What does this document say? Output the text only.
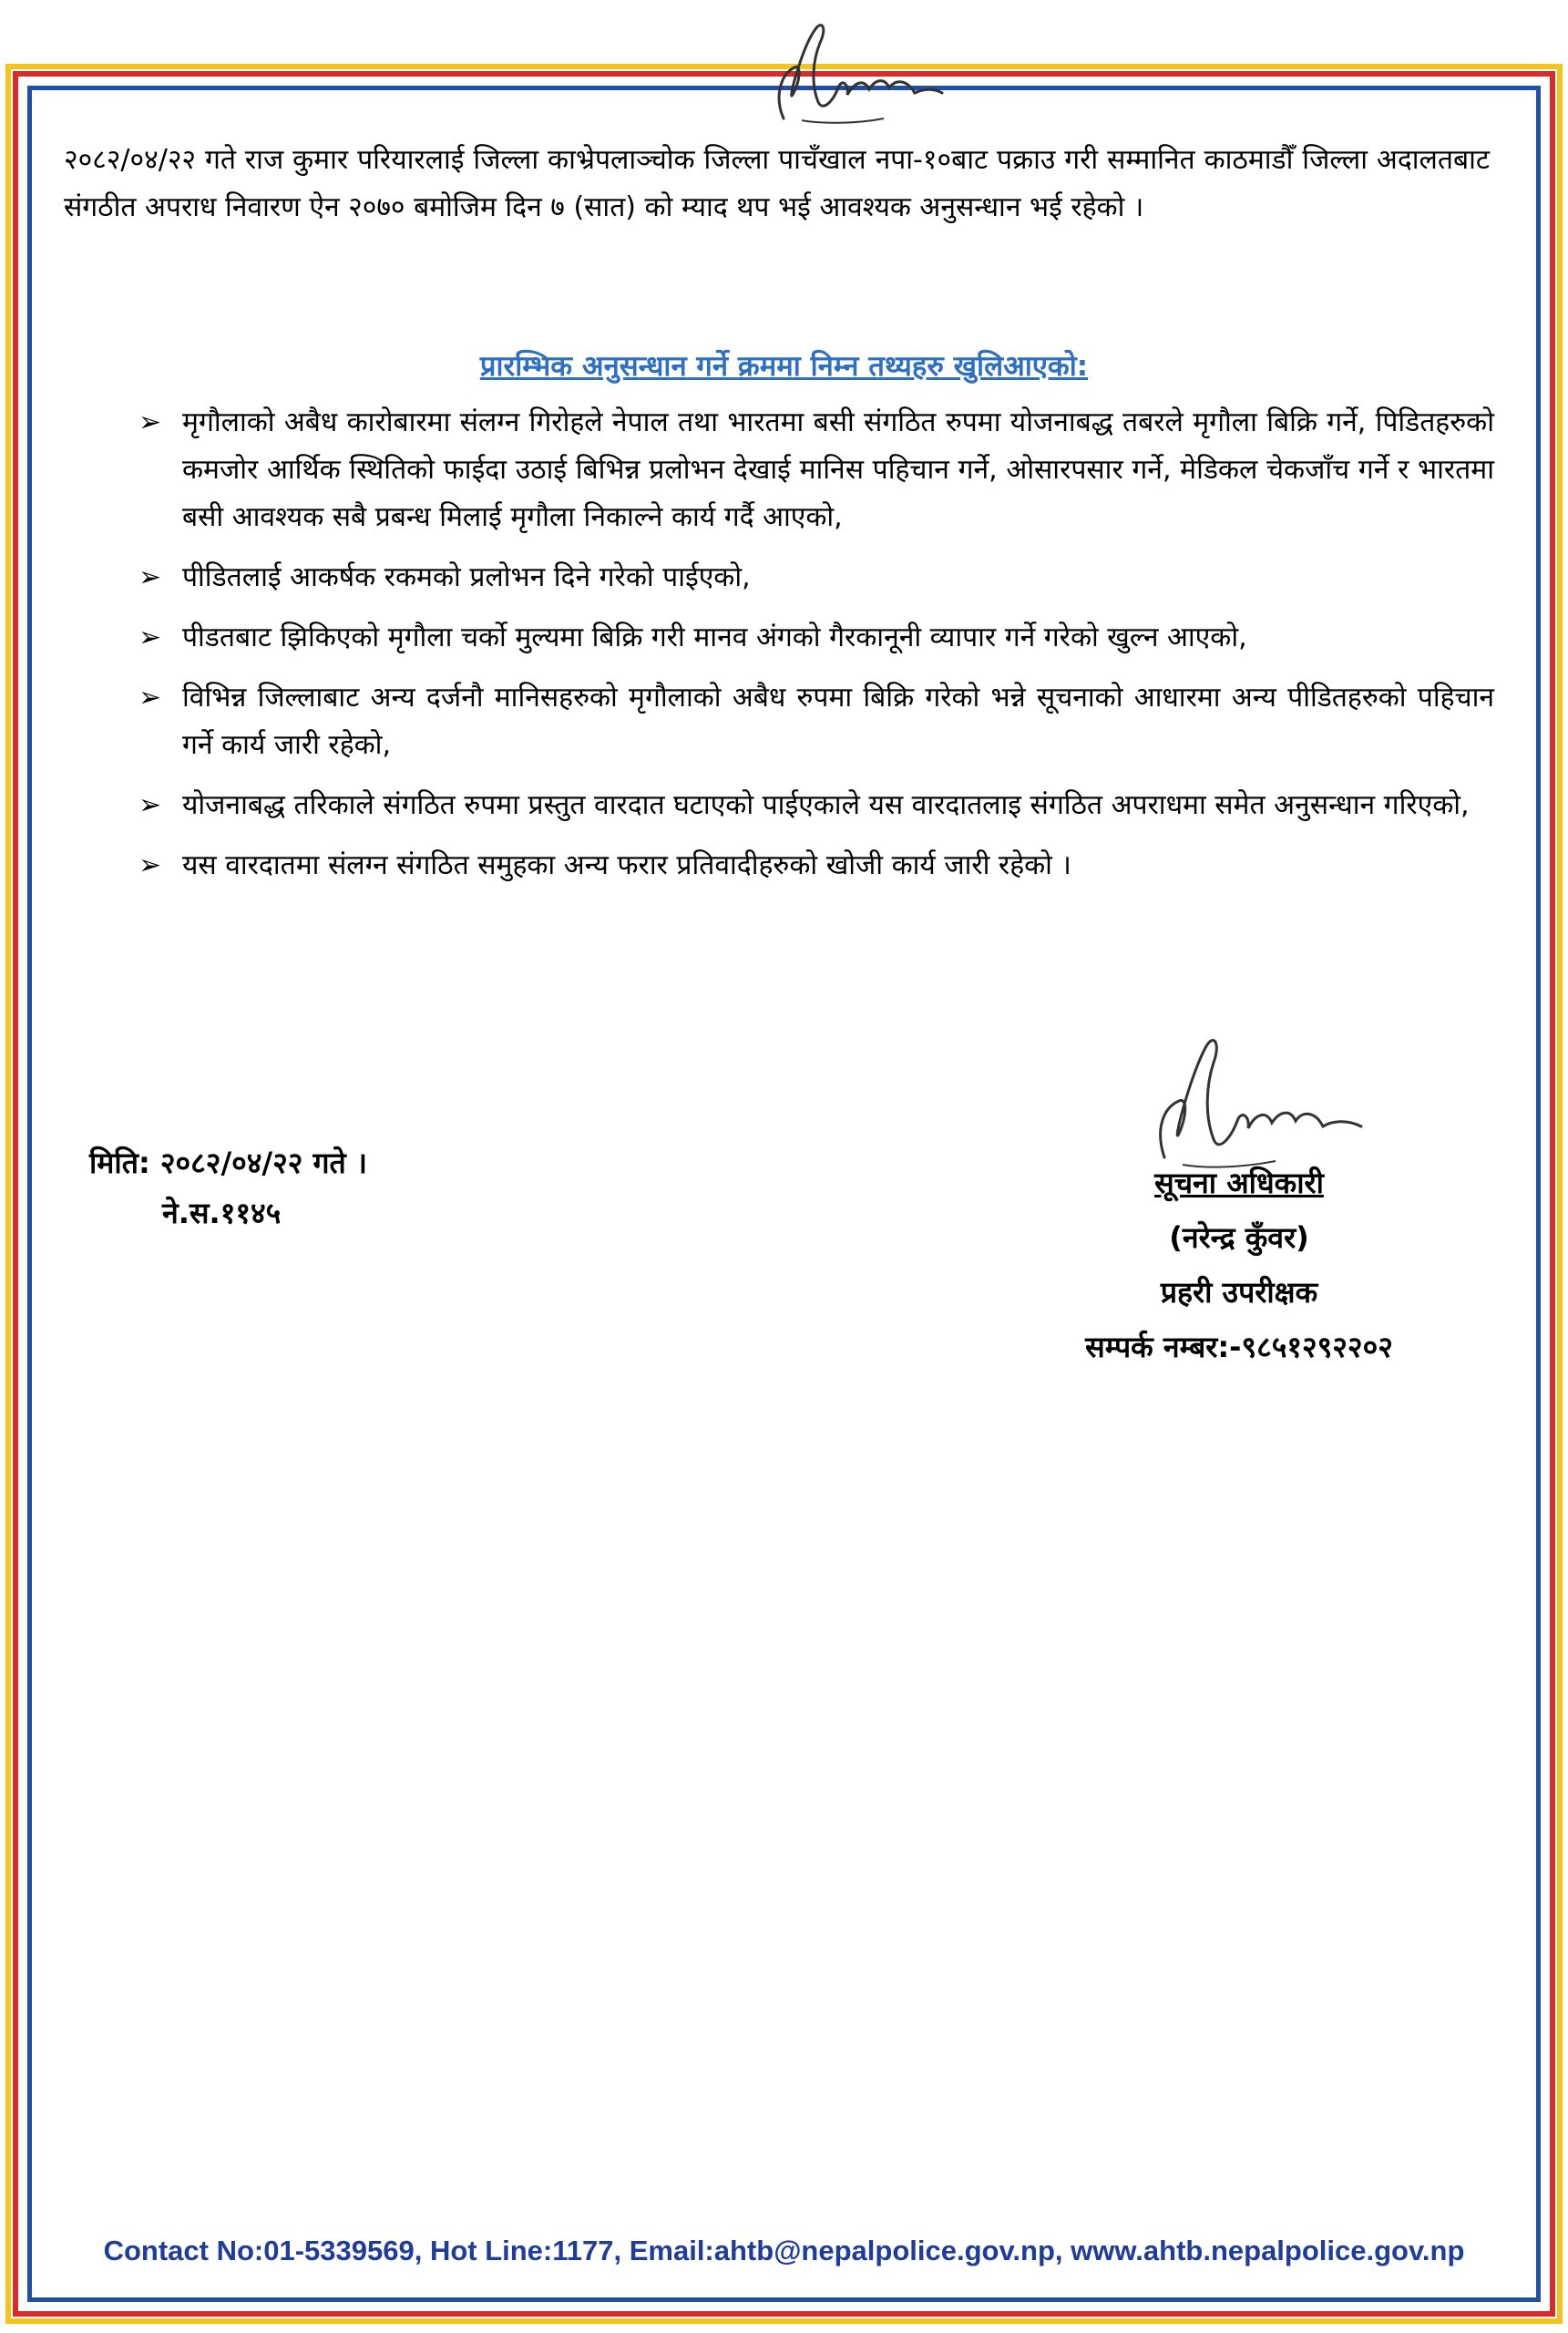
२०८२/०४/२२ गते राज कुमार परियारलाई जिल्ला काभ्रेपलाञ्चोक जिल्ला पाचँखाल नपा-१०बाट पक्राउ गरी सम्मानित काठमाडौँ जिल्ला अदालतबाट संगठीत अपराध निवारण ऐन २०७० बमोजिम दिन ७ (सात) को म्याद थप भई आवश्यक अनुसन्धान भई रहेको ।
प्रारम्भिक अनुसन्धान गर्ने क्रममा निम्न तथ्यहरु खुलिआएको:
➢ मृगौलाको अबैध कारोबारमा संलग्न गिरोहले नेपाल तथा भारतमा बसी संगठित रुपमा योजनाबद्ध तबरले मृगौला बिक्रि गर्ने, पिडितहरुको कमजोर आर्थिक स्थितिको फाईदा उठाई बिभिन्न प्रलोभन देखाई मानिस पहिचान गर्ने, ओसारपसार गर्ने, मेडिकल चेकजाँच गर्ने र भारतमा बसी आवश्यक सबै प्रबन्ध मिलाई मृगौला निकाल्ने कार्य गर्दै आएको,
➢ पीडितलाई आकर्षक रकमको प्रलोभन दिने गरेको पाईएको,
➢ पीडतबाट झिकिएको मृगौला चर्को मुल्यमा बिक्रि गरी मानव अंगको गैरकानूनी व्यापार गर्ने गरेको खुल्न आएको,
➢ विभिन्न जिल्लाबाट अन्य दर्जनौ मानिसहरुको मृगौलाको अबैध रुपमा बिक्रि गरेको भन्ने सूचनाको आधारमा अन्य पीडितहरुको पहिचान गर्ने कार्य जारी रहेको,
➢ योजनाबद्ध तरिकाले संगठित रुपमा प्रस्तुत वारदात घटाएको पाईएकाले यस वारदातलाइ संगठित अपराधमा समेत अनुसन्धान गरिएको,
➢ यस वारदातमा संलग्न संगठित समुहका अन्य फरार प्रतिवादीहरुको खोजी कार्य जारी रहेको ।
मिति: २०८२/०४/२२ गते ।
ने.स.११४५
सूचना अधिकारी
(नरेन्द्र कुँवर)
प्रहरी उपरीक्षक
सम्पर्क नम्बर:-९८५१२९२२०२
Contact No:01-5339569, Hot Line:1177, Email:ahtb@nepalpolice.gov.np, www.ahtb.nepalpolice.gov.np
